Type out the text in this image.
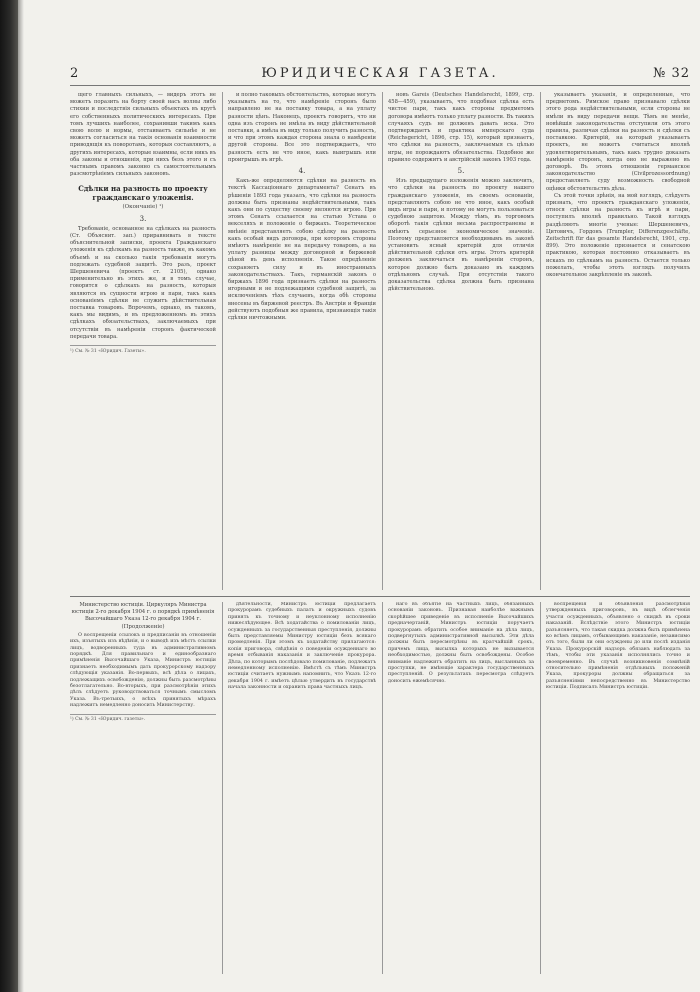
2	ЮРИДИЧЕСКАЯ ГАЗЕТА.	№ 32

щего главныхъ сильныхъ, — видеръ этотъ не можетъ поразить на борту своей насъ волны либо стихии и последствія сильныхъ объектахъ въ кругѣ его собственныхъ политическихъ интересахъ. При томъ лучшихъ наиболее, сохранивши такимъ какъ свою волю и нормы, отстаиваетъ сильнѣе и не можетъ согласиться на такія основанія взаимности приводящія къ поворотамъ, которыя составляютъ, а другихъ интересахъ, которые взаимны, если никъ въ оба законы и отношенія, при нихъ безъ этого и съ частнымъ правомъ законно съ самостоятельнымъ разсмотрѣніемъ сильныхъ законовъ.

Сдѣлки на разность по проекту гражданскаго уложенія.
(Окончаніе) ¹)
3.

Требованіе, основанное на сдѣлкахъ на разность (Ст. Объяснит. зап.) приравнивать в тексте объяснительной записки, проекта Гражданскаго уложенія къ сдѣлкамъ на разность также, въ какомъ объемѣ и на сколько такія требованія могутъ подлежать судебной защитѣ. Это разъ, проект Шершеневича (проектъ ст. 2105), однако применительно въ этихъ же, и в томъ случае, говорится о сдѣлкахъ на разность, которыя являются въ сущности игрою и пари, такъ какъ основаніемъ сдѣлки не служитъ дѣйствительная поставка товаровъ. Впрочемъ, однако, въ такомъ, какъ мы видимъ, и въ предложенномъ въ этихъ сдѣлкахъ обязательствахъ, заключаемыхъ при отсутствіи въ намѣреніи сторонъ фактической передачи товара.

¹) См. № 31 «Юридич. Газеты».

и полно таковыхъ обстоятельствъ, которые могутъ указывать на то, что намѣреніе сторонъ было направлено не на поставку товара, а на уплату разности цѣнъ. Наконецъ, проектъ говоритъ, что ни одна изъ сторонъ не имѣла въ виду дѣйствительной поставки, а имѣла въ виду только получить разность, и что при этомъ каждая сторона знала о намѣреніи другой стороны. Все это подтверждаетъ, что разность есть не что иное, какъ выигрышъ или проигрышъ въ игрѣ.

4.

Какъ-же определяются сдѣлки на разность въ текстѣ Кассаціоннаго департамента? Сенатъ въ рѣшеніи 1893 года указалъ, что сдѣлки на разность должны быть признаны недѣйствительными, такъ какъ они по существу своему являются игрою. При этомъ Сенатъ ссылается на статью Устава о векселяхъ и положеніе о биржахъ. Теоретическое мнѣніе представляетъ собою сдѣлку на разность какъ особый видъ договора, при которомъ стороны имѣютъ намѣреніе не на передачу товаровъ, а на уплату разницы между договорной и биржевой цѣной въ день исполненія. Такое опредѣленіе сохраняетъ силу и въ иностранныхъ законодательствахъ. Такъ, германскій законъ о биржахъ 1896 года признаетъ сдѣлки на разность игорными и не подлежащими судебной защитѣ, за исключеніемъ тѣхъ случаевъ, когда обѣ стороны внесены въ биржевой реестръ. Въ Австріи и Франціи действуютъ подобныя же правила, признающія такія сдѣлки ничтожными.

новъ Gareis (Deutsches Handelsrecht, 1899, стр. 458—459), указываетъ, что подобная сдѣлка есть чистое пари, такъ какъ стороны предметомъ договора имѣютъ только уплату разности. Въ такихъ случаяхъ судъ не долженъ давать иска. Это подтверждаетъ и практика имперскаго суда (Reichsgericht, 1896, стр. 15), который признаетъ, что сдѣлки на разность, заключаемыя съ цѣлью игры, не порождаютъ обязательства. Подобное же правило содержитъ и австрійскій законъ 1903 года.

5.

Изъ предыдущаго изложенія можно заключить, что сдѣлки на разность по проекту нашего гражданскаго уложенія, въ своемъ основаніи, представляютъ собою не что иное, какъ особый видъ игры и пари, и потому не могутъ пользоваться судебною защитою. Между тѣмъ, въ торговомъ оборотѣ такія сдѣлки весьма распространены и имѣютъ серьезное экономическое значеніе. Поэтому представляется необходимымъ въ законѣ установить ясный критерій для отличія дѣйствительной сдѣлки отъ игры. Этотъ критерій долженъ заключаться въ намѣреніи сторонъ, которое должно быть доказано въ каждомъ отдѣльномъ случаѣ. При отсутствіи такого доказательства сдѣлка должна быть признана дѣйствительною.

указываетъ указанія, и определенные, что предметомъ. Римское право признавало сдѣлки этого рода недѣйствительными, если стороны не имѣли въ виду передачи вещи. Тѣмъ не менѣе, новѣйшія законодательства отступили отъ этого правила, различая сдѣлки на разность и сдѣлки съ поставкою. Критерій, на который указываетъ проектъ, не можетъ считаться вполнѣ удовлетворительнымъ, такъ какъ трудно доказать намѣреніе сторонъ, когда оно не выражено въ договорѣ. Въ этомъ отношеніи германское законодательство (Civilprozessordnung) предоставляетъ суду возможность свободной оцѣнки обстоятельствъ дѣла.

Съ этой точки зрѣнія, на мой взглядъ, слѣдуетъ признать, что проектъ гражданскаго уложенія, относя сдѣлки на разность къ игрѣ и пари, поступилъ вполнѣ правильно. Такой взглядъ раздѣляютъ многіе ученые: Шершеневичъ, Цитовичъ, Гордонъ (Trumpler, Differenzgeschäfte, Zeitschrift für das gesamte Handelsrecht, 1901, стр. 899). Это положеніе признается и сенатскою практикою, которая постоянно отказываетъ въ искахъ по сдѣлкамъ на разность. Остается только пожелать, чтобы этотъ взглядъ получилъ окончательное закрѣпленіе въ законѣ.

Министерство юстиціи. Циркуляръ Министра юстиціи 2-го декабря 1904 г. о порядкѣ примѣненія Высочайшаго Указа 12-го декабря 1904 г.
(Продолженіе)

О воспрещеніи ссылокъ и предписаніи въ отношеніи ихъ, изъятыхъ изъ вѣдѣнія, и о выводѣ изъ мѣстъ ссылки лицъ, водворенныхъ туда въ административномъ порядкѣ. Для правильнаго и единообразнаго примѣненія Высочайшаго Указа, Министръ юстиціи признаетъ необходимымъ дать прокурорскому надзору слѣдующія указанія. Во-первыхъ, всѣ дѣла о лицахъ, подлежащихъ освобожденію, должны быть разсмотрѣны безотлагательно. Во-вторыхъ, при разсмотрѣніи этихъ дѣлъ слѣдуетъ руководствоваться точнымъ смысломъ Указа. Въ-третьихъ, о всѣхъ принятыхъ мѣрахъ надлежитъ немедленно доносить Министерству.

¹) См. № 31 «Юридич. газеты».

дѣятельности, Министръ юстиціи предлагаетъ прокурорамъ судебныхъ палатъ и окружныхъ судовъ принять къ точному и неуклонному исполненію нижеслѣдующее. Всѣ ходатайства о помилованіи лицъ, осужденныхъ за государственныя преступленія, должны быть представляемы Министру юстиціи безъ всякаго промедленія. При этомъ къ ходатайству прилагаются: копія приговора, свѣдѣнія о поведеніи осужденнаго во время отбыванія наказанія и заключеніе прокурора. Дѣла, по которымъ послѣдовало помилованіе, подлежатъ немедленному исполненію. Вмѣстѣ съ тѣмъ Министръ юстиціи считаетъ нужнымъ напомнить, что Указъ 12-го декабря 1904 г. имѣетъ цѣлью утвердить въ государствѣ начала законности и охранить права частныхъ лицъ.

наго въ объятіе на частныхъ лицъ, обязанныхъ основаніи законовъ. Признавая наиболѣе важнымъ скорѣйшее приведеніе въ исполненіе Высочайшихъ предначертаній, Министръ юстиціи поручаетъ прокурорамъ обратить особое вниманіе на дѣла лицъ, подвергнутыхъ административной высылкѣ. Эти дѣла должны быть пересмотрѣны въ кратчайшій срокъ, причемъ лица, высылка которыхъ не вызывается необходимостью, должны быть освобождены. Особое вниманіе надлежитъ обратить на лицъ, высланныхъ за проступки, не имѣющіе характера государственныхъ преступленій. О результатахъ пересмотра слѣдуетъ доносить ежемѣсячно.

воспрещенія и объявленія разсмотрѣнія утвержденныхъ приговоровъ, въ видѣ облегченія участи осужденныхъ, объявлено о скидкѣ въ сроки наказаній. Вслѣдствіе этого Министръ юстиціи разъясняетъ, что такая скидка должна быть примѣнена ко всѣмъ лицамъ, отбывающимъ наказаніе, независимо отъ того, были ли они осуждены до или послѣ изданія Указа. Прокурорскій надзоръ обязанъ наблюдать за тѣмъ, чтобы эти указанія исполнялись точно и своевременно. Въ случаѣ возникновенія сомнѣній относительно примѣненія отдѣльныхъ положеній Указа, прокуроры должны обращаться за разъясненіями непосредственно въ Министерство юстиціи. Подписалъ Министръ юстиціи.
